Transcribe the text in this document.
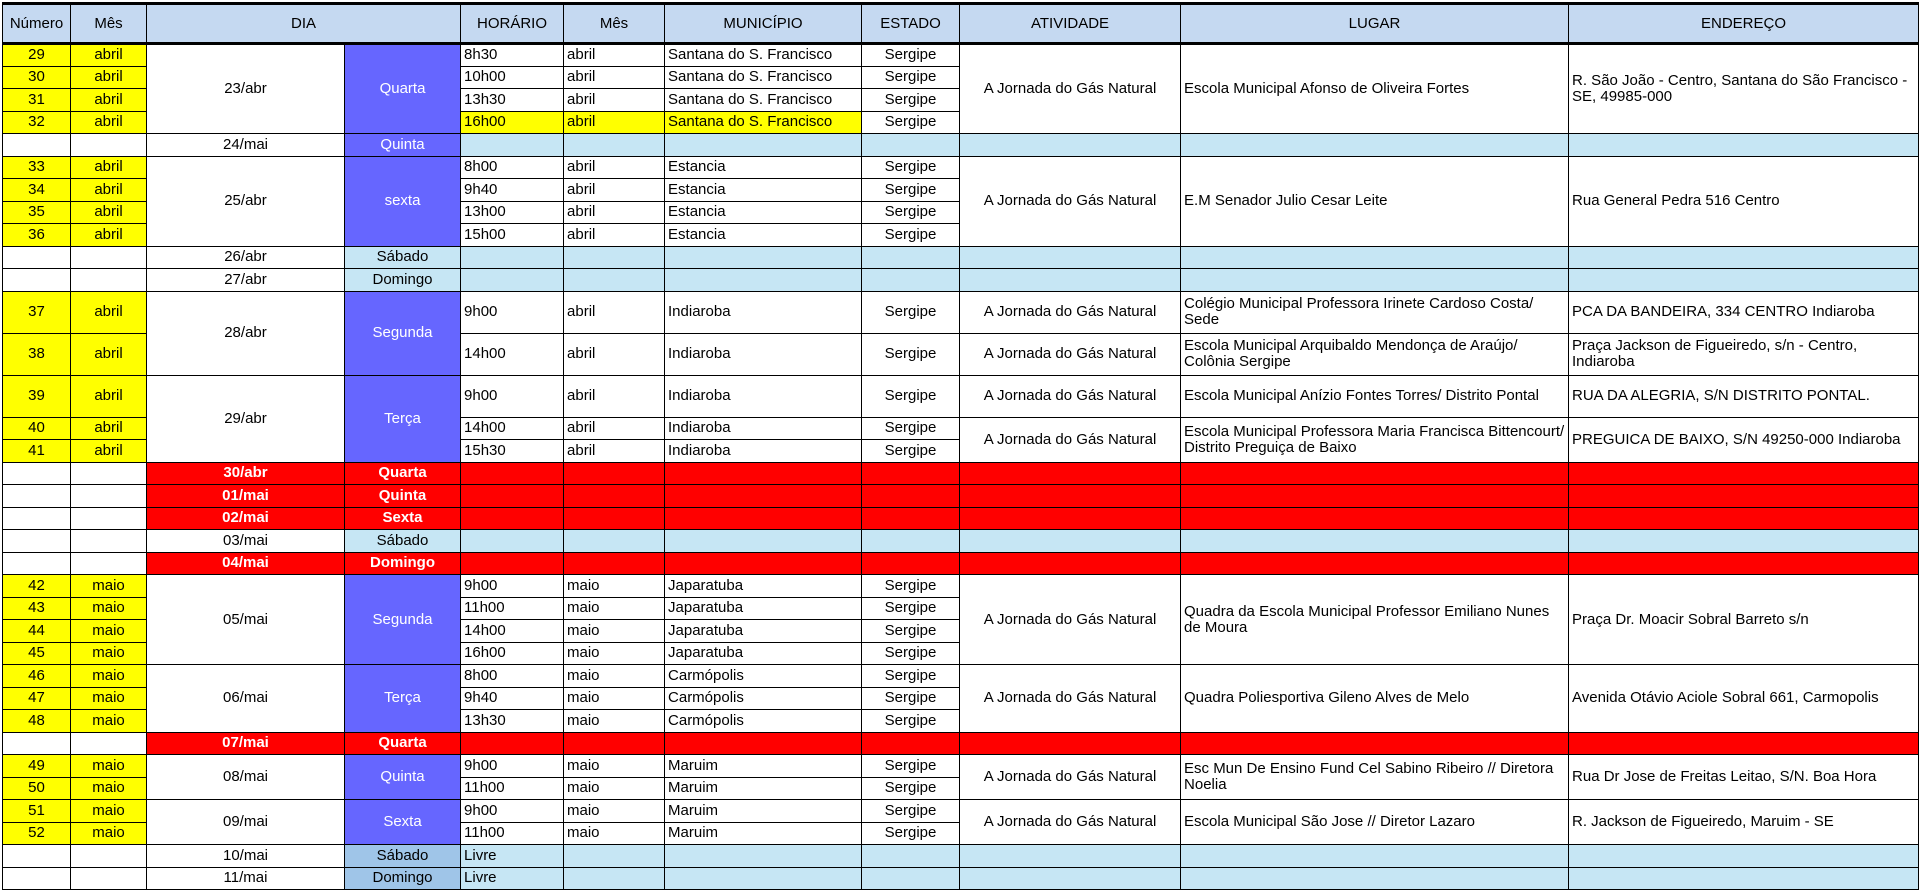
Número	Mês	DIA		HORÁRIO	Mês	MUNICÍPIO	ESTADO	ATIVIDADE	LUGAR	ENDEREÇO
29	abril	23/abr	Quarta	8h30	abril	Santana do S. Francisco	Sergipe	A Jornada do Gás Natural	Escola Municipal Afonso de Oliveira Fortes	R. São João - Centro, Santana do São Francisco - SE, 49985-000
30	abril			10h00	abril	Santana do S. Francisco	Sergipe			
31	abril			13h30	abril	Santana do S. Francisco	Sergipe			
32	abril			16h00	abril	Santana do S. Francisco	Sergipe			
		24/mai	Quinta							
33	abril	25/abr	sexta	8h00	abril	Estancia	Sergipe	A Jornada do Gás Natural	E.M Senador Julio Cesar Leite	Rua General Pedra 516 Centro
34	abril			9h40	abril	Estancia	Sergipe			
35	abril			13h00	abril	Estancia	Sergipe			
36	abril			15h00	abril	Estancia	Sergipe			
		26/abr	Sábado							
		27/abr	Domingo							
37	abril	28/abr	Segunda	9h00	abril	Indiaroba	Sergipe	A Jornada do Gás Natural	Colégio Municipal Professora Irinete Cardoso Costa/ Sede	PCA DA BANDEIRA, 334 CENTRO Indiaroba
38	abril			14h00	abril	Indiaroba	Sergipe	A Jornada do Gás Natural	Escola Municipal Arquibaldo Mendonça de Araújo/ Colônia Sergipe	Praça Jackson de Figueiredo, s/n - Centro, Indiaroba
39	abril	29/abr	Terça	9h00	abril	Indiaroba	Sergipe	A Jornada do Gás Natural	Escola Municipal Anízio Fontes Torres/ Distrito Pontal	RUA DA ALEGRIA, S/N DISTRITO PONTAL.
40	abril			14h00	abril	Indiaroba	Sergipe	A Jornada do Gás Natural	Escola Municipal Professora Maria Francisca Bittencourt/ Distrito Preguiça de Baixo	PREGUICA DE BAIXO, S/N 49250-000 Indiaroba
41	abril			15h30	abril	Indiaroba	Sergipe			
		30/abr	Quarta							
		01/mai	Quinta							
		02/mai	Sexta							
		03/mai	Sábado							
		04/mai	Domingo							
42	maio	05/mai	Segunda	9h00	maio	Japaratuba	Sergipe	A Jornada do Gás Natural	Quadra da Escola Municipal Professor Emiliano Nunes de Moura	Praça Dr. Moacir Sobral Barreto s/n
43	maio			11h00	maio	Japaratuba	Sergipe			
44	maio			14h00	maio	Japaratuba	Sergipe			
45	maio			16h00	maio	Japaratuba	Sergipe			
46	maio	06/mai	Terça	8h00	maio	Carmópolis	Sergipe	A Jornada do Gás Natural	Quadra Poliesportiva Gileno Alves de Melo	Avenida Otávio Aciole Sobral 661, Carmopolis
47	maio			9h40	maio	Carmópolis	Sergipe			
48	maio			13h30	maio	Carmópolis	Sergipe			
		07/mai	Quarta							
49	maio	08/mai	Quinta	9h00	maio	Maruim	Sergipe	A Jornada do Gás Natural	Esc Mun De Ensino Fund Cel Sabino Ribeiro // Diretora Noelia	Rua Dr Jose de Freitas Leitao, S/N. Boa Hora
50	maio			11h00	maio	Maruim	Sergipe			
51	maio	09/mai	Sexta	9h00	maio	Maruim	Sergipe	A Jornada do Gás Natural	Escola Municipal São Jose // Diretor Lazaro	R. Jackson de Figueiredo, Maruim - SE
52	maio			11h00	maio	Maruim	Sergipe			
		10/mai	Sábado	Livre						
		11/mai	Domingo	Livre						
